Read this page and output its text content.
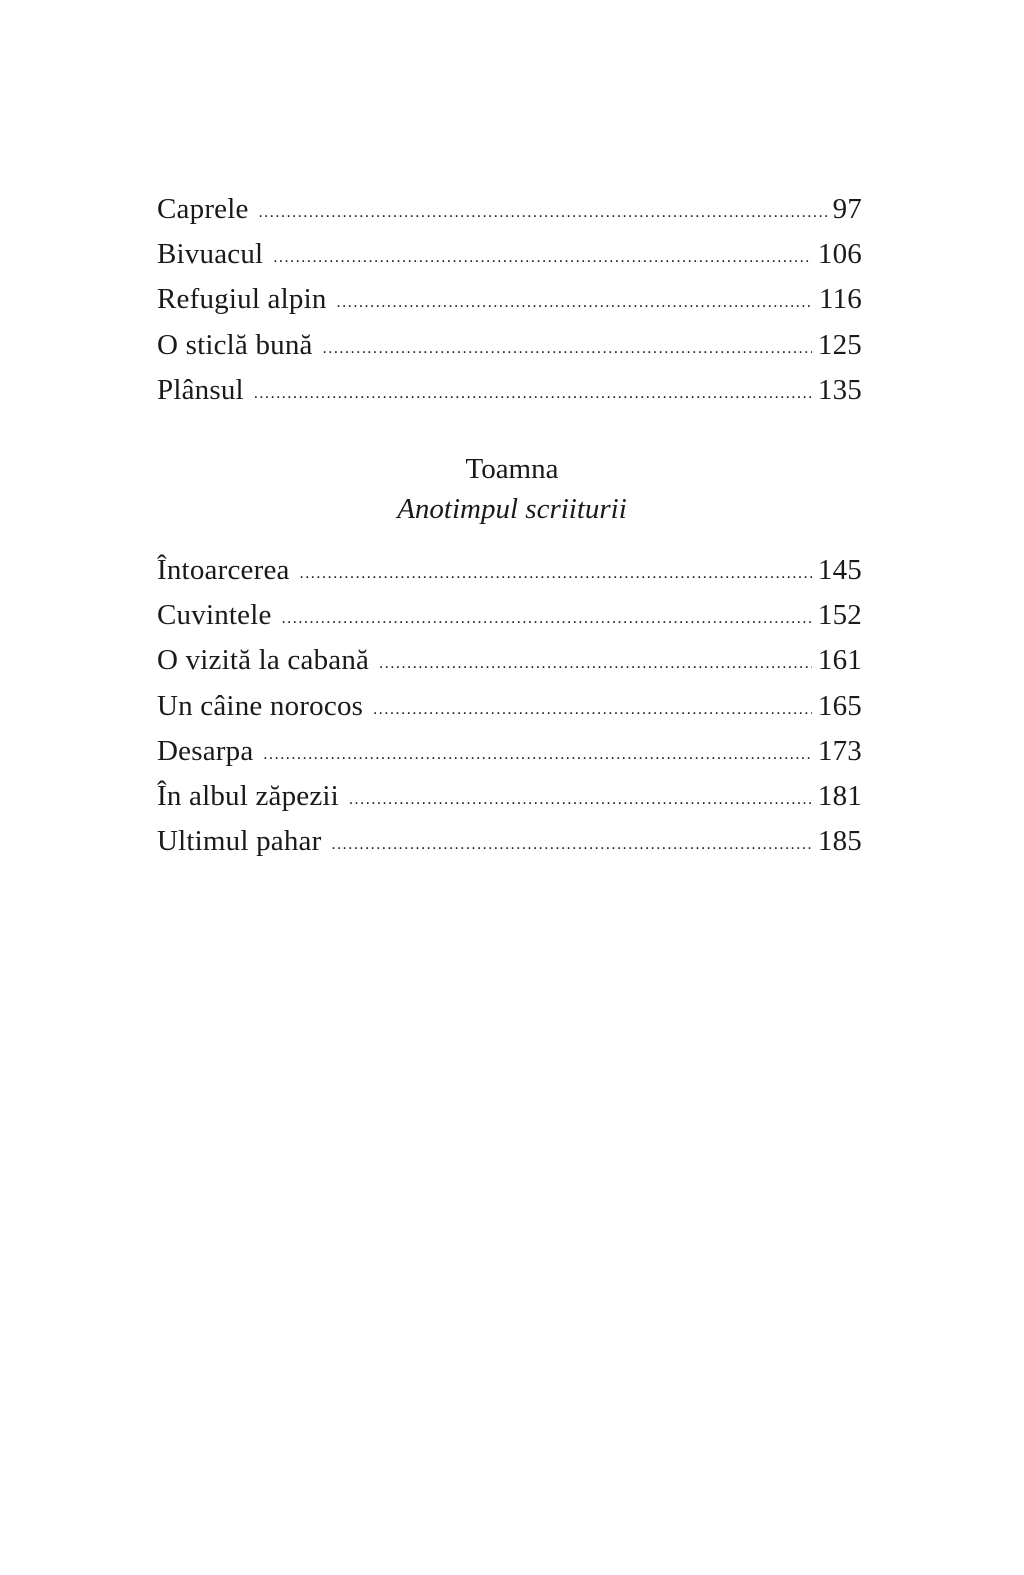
Caprele .....	97
Bivuacul .....	106
Refugiul alpin .....	116
O sticlă bună .....	125
Plânsul .....	135
Toamna
Anotimpul scriiturii
Întoarcerea .....	145
Cuvintele .....	152
O vizită la cabană .....	161
Un câine norocos .....	165
Desarpa .....	173
În albul zăpezii .....	181
Ultimul pahar .....	185
